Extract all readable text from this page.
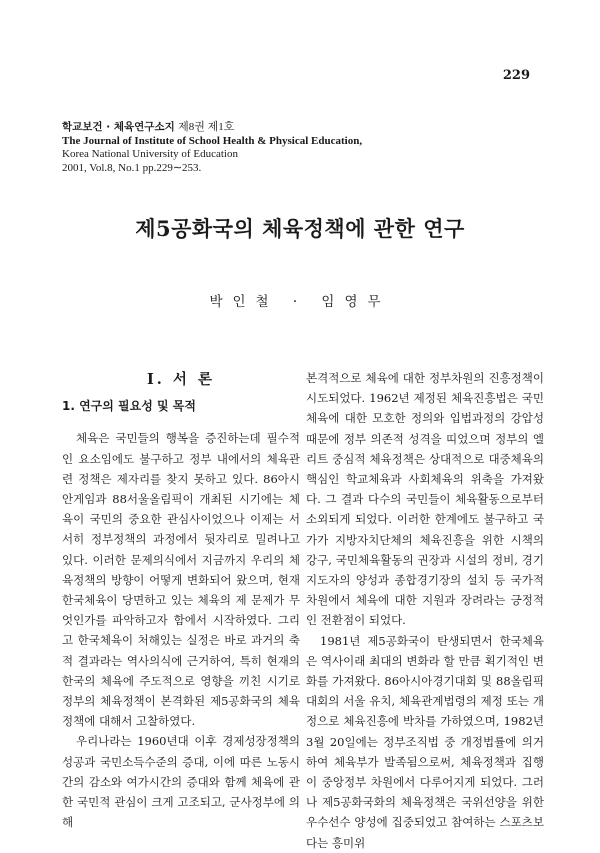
229
학교보건 · 체육연구소지 제8권 제1호
The Journal of Institute of School Health & Physical Education,
Korea National University of Education
2001, Vol.8, No.1 pp.229∼253.
제5공화국의 체육정책에 관한 연구
박인철 · 임영무
Ⅰ. 서 론
1. 연구의 필요성 및 목적

체육은 국민들의 행복을 증진하는데 필수적인 요소임에도 불구하고 정부 내에서의 체육관련 정책은 제자리를 찾지 못하고 있다. 86아시안게임과 88서울올림픽이 개최된 시기에는 체육이 국민의 중요한 관심사이었으나 이제는 서서히 정부정책의 과정에서 뒷자리로 밀려나고 있다. 이러한 문제의식에서 지금까지 우리의 체육정책의 방향이 어떻게 변화되어 왔으며, 현재 한국체육이 당면하고 있는 체육의 제 문제가 무엇인가를 파악하고자 함에서 시작하였다. 그리고 한국체육이 처해있는 실정은 바로 과거의 축적 결과라는 역사의식에 근거하여, 특히 현재의 한국의 체육에 주도적으로 영향을 끼친 시기로 정부의 체육정책이 본격화된 제5공화국의 체육정책에 대해서 고찰하였다.

우리나라는 1960년대 이후 경제성장정책의 성공과 국민소득수준의 증대, 이에 따른 노동시간의 감소와 여가시간의 증대와 함께 체육에 관한 국민적 관심이 크게 고조되고, 군사정부에 의해

본격적으로 체육에 대한 정부차원의 진흥정책이 시도되었다. 1962년 제정된 체육진흥법은 국민체육에 대한 모호한 정의와 입법과정의 강압성 때문에 정부 의존적 성격을 띠었으며 정부의 엘리트 중심적 체육정책은 상대적으로 대중체육의 핵심인 학교체육과 사회체육의 위축을 가져왔다. 그 결과 다수의 국민들이 체육활동으로부터 소외되게 되었다. 이러한 한계에도 불구하고 국가가 지방자치단체의 체육진흥을 위한 시책의 강구, 국민체육활동의 권장과 시설의 정비, 경기지도자의 양성과 종합경기장의 설치 등 국가적 차원에서 체육에 대한 지원과 장려라는 긍정적인 전환점이 되었다.

1981년 제5공화국이 탄생되면서 한국체육은 역사이래 최대의 변화라 할 만큼 획기적인 변화를 가져왔다. 86아시아경기대회 및 88올림픽대회의 서울 유치, 체육관계법령의 제정 또는 개정으로 체육진흥에 박차를 가하였으며, 1982년 3월 20일에는 정부조직법 중 개정법률에 의거하여 체육부가 발족됨으로써, 체육정책과 집행이 중앙정부 차원에서 다루어지게 되었다. 그러나 제5공화국화의 체육정책은 국위선양을 위한 우수선수 양성에 집중되었고 참여하는 스포츠보다는 흥미위
